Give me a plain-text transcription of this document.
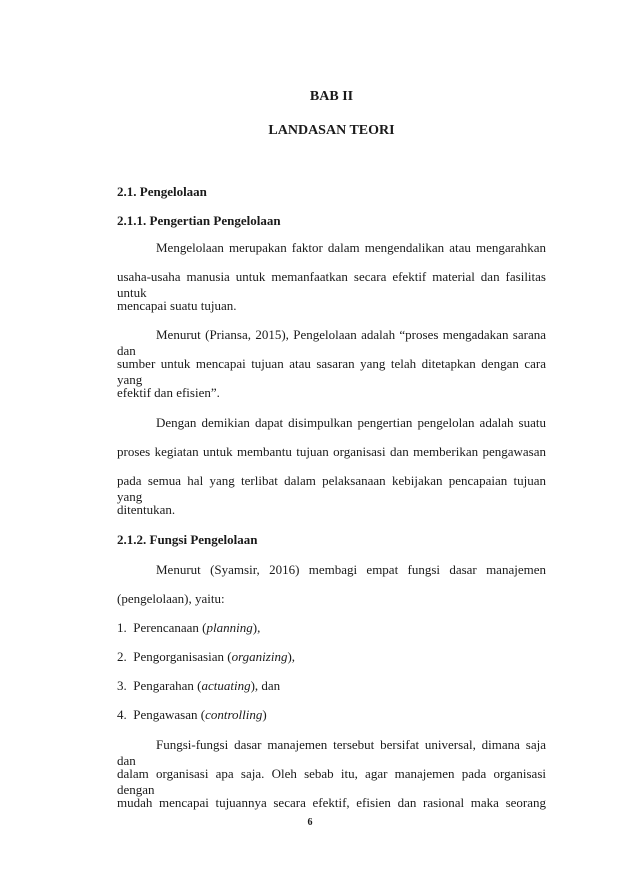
BAB II
LANDASAN TEORI
2.1. Pengelolaan
2.1.1. Pengertian Pengelolaan
Mengelolaan merupakan faktor dalam mengendalikan atau mengarahkan
usaha-usaha manusia untuk memanfaatkan secara efektif material dan fasilitas untuk
mencapai suatu tujuan.
Menurut (Priansa, 2015), Pengelolaan adalah “proses mengadakan sarana dan
sumber untuk mencapai tujuan atau sasaran yang telah ditetapkan dengan cara yang
efektif dan efisien”.
Dengan demikian dapat disimpulkan pengertian pengelolan adalah suatu
proses kegiatan untuk membantu tujuan organisasi dan memberikan pengawasan
pada semua hal yang terlibat dalam pelaksanaan kebijakan pencapaian tujuan yang
ditentukan.
2.1.2. Fungsi Pengelolaan
Menurut (Syamsir, 2016) membagi empat fungsi dasar manajemen
(pengelolaan), yaitu:
1. Perencanaan (planning),
2. Pengorganisasian (organizing),
3. Pengarahan (actuating), dan
4. Pengawasan (controlling)
Fungsi-fungsi dasar manajemen tersebut bersifat universal, dimana saja dan
dalam organisasi apa saja. Oleh sebab itu, agar manajemen pada organisasi dengan
mudah mencapai tujuannya secara efektif, efisien dan rasional maka seorang
6
